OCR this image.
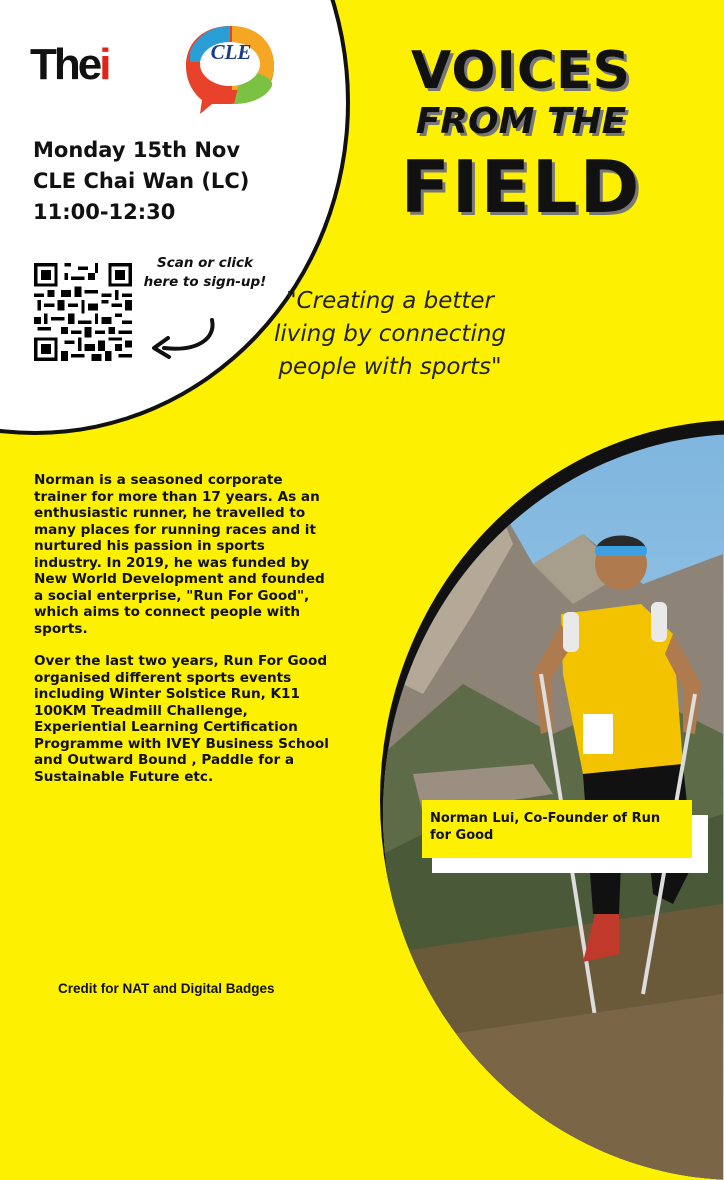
Thei	CLE
Monday 15th Nov
CLE Chai Wan (LC)
11:00-12:30
Scan or click here to sign-up!
VOICES
FROM THE
FIELD
"Creating a better living by connecting people with sports"

Norman is a seasoned corporate trainer for more than 17 years. As an enthusiastic runner, he travelled to many places for running races and it nurtured his passion in sports industry. In 2019, he was funded by New World Development and founded a social enterprise, "Run For Good", which aims to connect people with sports.

Over the last two years, Run For Good organised different sports events including Winter Solstice Run, K11 100KM Treadmill Challenge, Experiential Learning Certification Programme with IVEY Business School and Outward Bound , Paddle for a Sustainable Future etc.

Norman Lui, Co-Founder of Run for Good
Credit for NAT and Digital Badges
